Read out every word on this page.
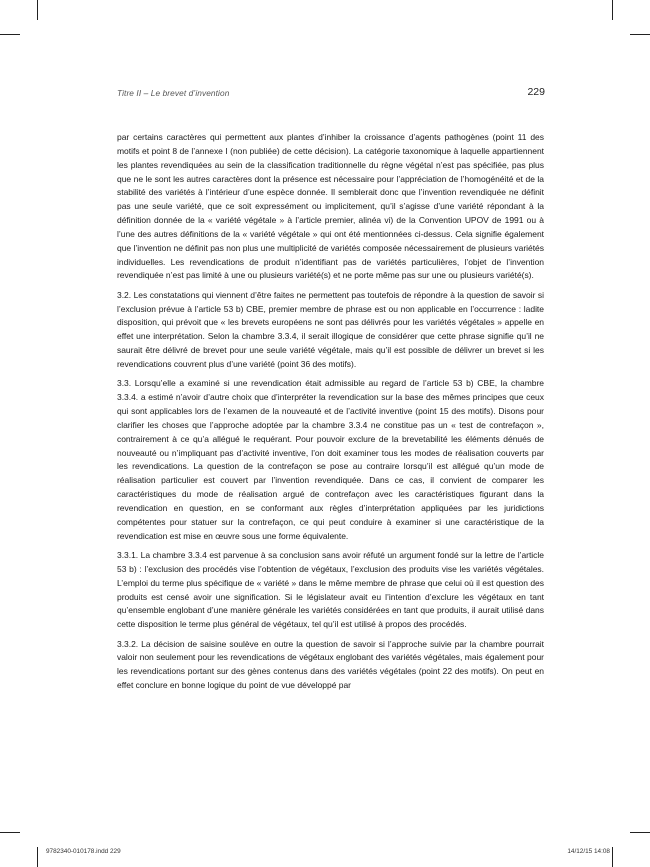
Titre II – Le brevet d’invention	229

par certains caractères qui permettent aux plantes d’inhiber la croissance d’agents pathogènes (point 11 des motifs et point 8 de l’annexe I (non publiée) de cette décision). La catégorie taxonomique à laquelle appartiennent les plantes revendiquées au sein de la classification traditionnelle du règne végétal n’est pas spécifiée, pas plus que ne le sont les autres caractères dont la présence est nécessaire pour l’appréciation de l’homogénéité et de la stabilité des variétés à l’intérieur d’une espèce donnée. Il semblerait donc que l’invention revendiquée ne définit pas une seule variété, que ce soit expressément ou implicitement, qu’il s’agisse d’une variété répondant à la définition donnée de la « variété végétale » à l’article premier, alinéa vi) de la Convention UPOV de 1991 ou à l’une des autres définitions de la « variété végétale » qui ont été mentionnées ci-dessus. Cela signifie également que l’invention ne définit pas non plus une multiplicité de variétés composée nécessairement de plusieurs variétés individuelles. Les revendications de produit n’identifiant pas de variétés particulières, l’objet de l’invention revendiquée n’est pas limité à une ou plusieurs variété(s) et ne porte même pas sur une ou plusieurs variété(s).

3.2. Les constatations qui viennent d’être faites ne permettent pas toutefois de répondre à la question de savoir si l’exclusion prévue à l’article 53 b) CBE, premier membre de phrase est ou non applicable en l’occurrence : ladite disposition, qui prévoit que « les brevets européens ne sont pas délivrés pour les variétés végétales » appelle en effet une interprétation. Selon la chambre 3.3.4, il serait illogique de considérer que cette phrase signifie qu’il ne saurait être délivré de brevet pour une seule variété végétale, mais qu’il est possible de délivrer un brevet si les revendications couvrent plus d’une variété (point 36 des motifs).

3.3. Lorsqu’elle a examiné si une revendication était admissible au regard de l’article 53 b) CBE, la chambre 3.3.4. a estimé n’avoir d’autre choix que d’interpréter la revendication sur la base des mêmes principes que ceux qui sont applicables lors de l’examen de la nouveauté et de l’activité inventive (point 15 des motifs). Disons pour clarifier les choses que l’approche adoptée par la chambre 3.3.4 ne constitue pas un « test de contrefaçon », contrairement à ce qu’a allégué le requérant. Pour pouvoir exclure de la brevetabilité les éléments dénués de nouveauté ou n’impliquant pas d’activité inventive, l’on doit examiner tous les modes de réalisation couverts par les revendications. La question de la contrefaçon se pose au contraire lorsqu’il est allégué qu’un mode de réalisation particulier est couvert par l’invention revendiquée. Dans ce cas, il convient de comparer les caractéristiques du mode de réalisation argué de contrefaçon avec les caractéristiques figurant dans la revendication en question, en se conformant aux règles d’interprétation appliquées par les juridictions compétentes pour statuer sur la contrefaçon, ce qui peut conduire à examiner si une caractéristique de la revendication est mise en œuvre sous une forme équivalente.

3.3.1. La chambre 3.3.4 est parvenue à sa conclusion sans avoir réfuté un argument fondé sur la lettre de l’article 53 b) : l’exclusion des procédés vise l’obtention de végétaux, l’exclusion des produits vise les variétés végétales. L’emploi du terme plus spécifique de « variété » dans le même membre de phrase que celui où il est question des produits est censé avoir une signification. Si le législateur avait eu l’intention d’exclure les végétaux en tant qu’ensemble englobant d’une manière générale les variétés considérées en tant que produits, il aurait utilisé dans cette disposition le terme plus général de végétaux, tel qu’il est utilisé à propos des procédés.

3.3.2. La décision de saisine soulève en outre la question de savoir si l’approche suivie par la chambre pourrait valoir non seulement pour les revendications de végétaux englobant des variétés végétales, mais également pour les revendications portant sur des gènes contenus dans des variétés végétales (point 22 des motifs). On peut en effet conclure en bonne logique du point de vue développé par

9782340-010178.indd 229	14/12/15 14:08
